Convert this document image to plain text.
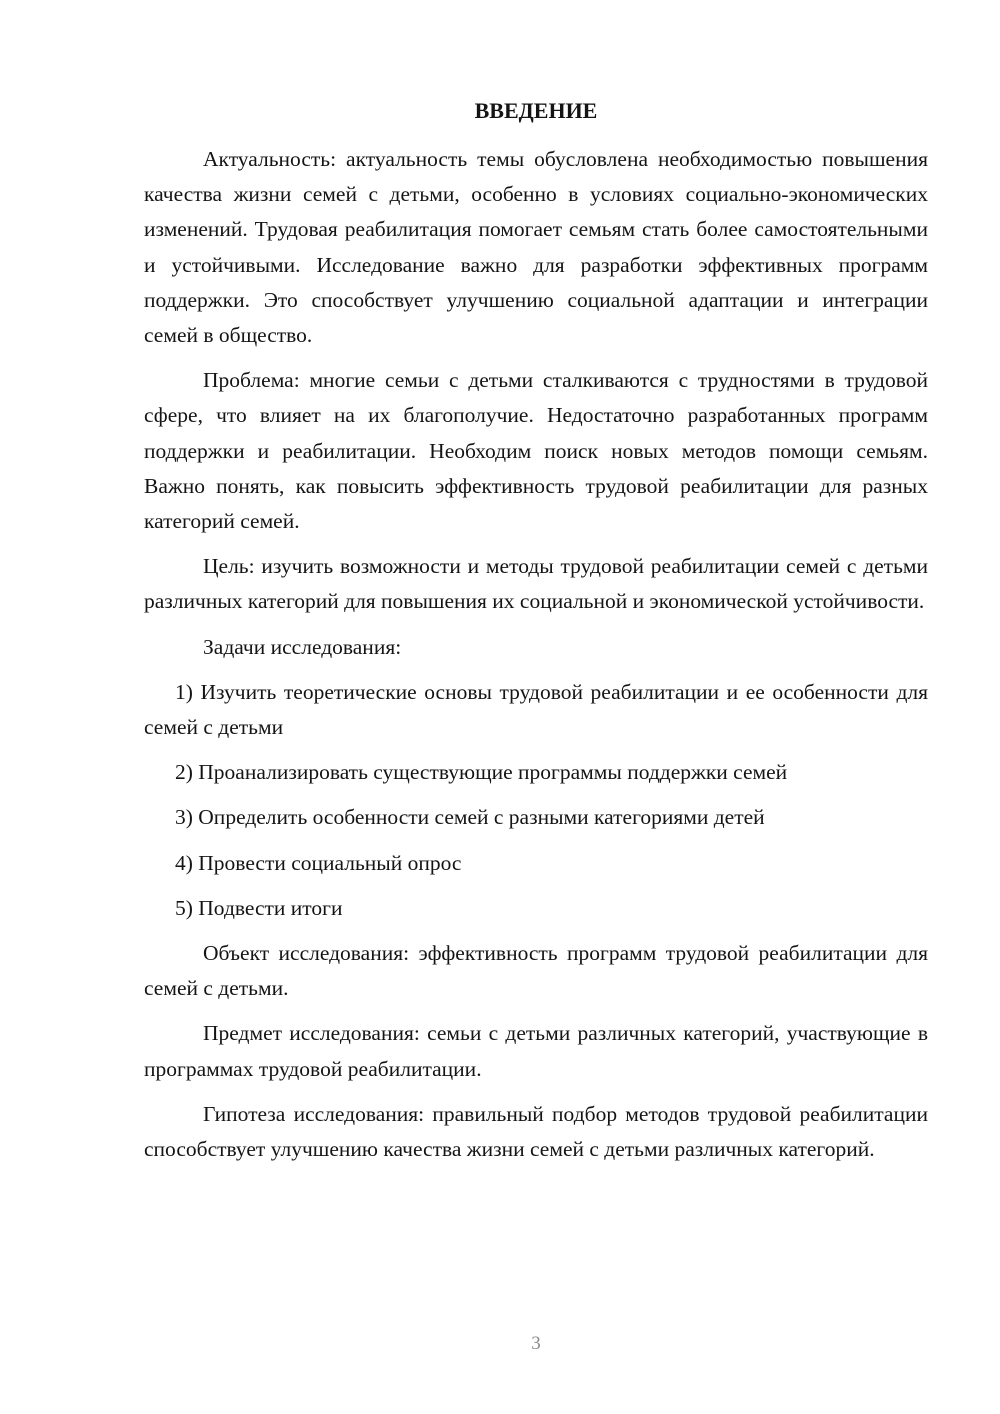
ВВЕДЕНИЕ

Актуальность: актуальность темы обусловлена необходимостью повышения качества жизни семей с детьми, особенно в условиях социально-экономических изменений. Трудовая реабилитация помогает семьям стать более самостоятельными и устойчивыми. Исследование важно для разработки эффективных программ поддержки. Это способствует улучшению социальной адаптации и интеграции семей в общество.

Проблема: многие семьи с детьми сталкиваются с трудностями в трудовой сфере, что влияет на их благополучие. Недостаточно разработанных программ поддержки и реабилитации. Необходим поиск новых методов помощи семьям. Важно понять, как повысить эффективность трудовой реабилитации для разных категорий семей.

Цель: изучить возможности и методы трудовой реабилитации семей с детьми различных категорий для повышения их социальной и экономической устойчивости.

Задачи исследования:

1) Изучить теоретические основы трудовой реабилитации и ее особенности для семей с детьми

2) Проанализировать существующие программы поддержки семей

3) Определить особенности семей с разными категориями детей

4) Провести социальный опрос

5) Подвести итоги

Объект исследования: эффективность программ трудовой реабилитации для семей с детьми.

Предмет исследования: семьи с детьми различных категорий, участвующие в программах трудовой реабилитации.

Гипотеза исследования: правильный подбор методов трудовой реабилитации способствует улучшению качества жизни семей с детьми различных категорий.

3
